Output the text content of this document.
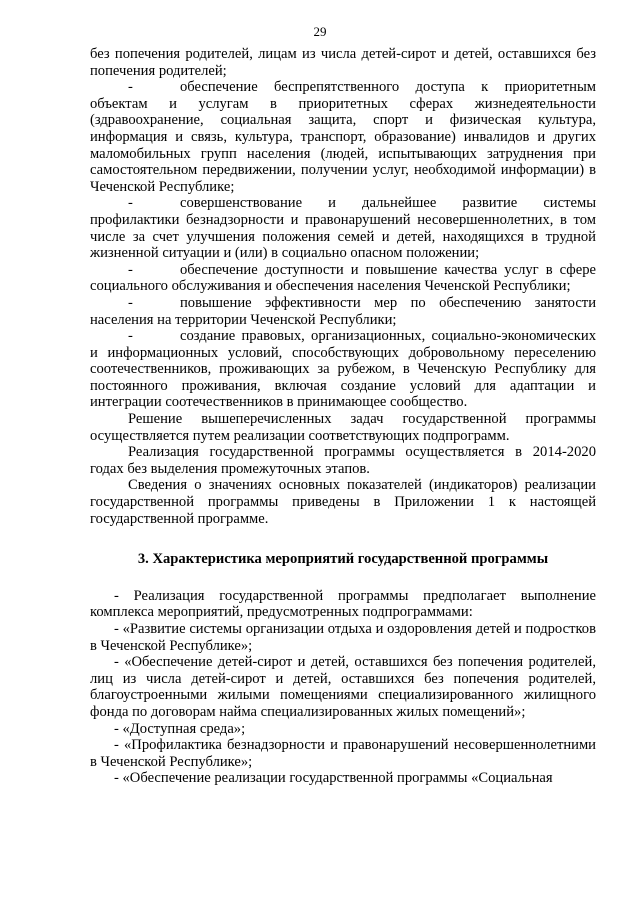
29

без попечения родителей, лицам из числа детей-сирот и детей, оставшихся без попечения родителей;

-	обеспечение беспрепятственного доступа к приоритетным объектам и услугам в приоритетных сферах жизнедеятельности (здравоохранение, социальная защита, спорт и физическая культура, информация и связь, культура, транспорт, образование) инвалидов и других маломобильных групп населения (людей, испытывающих затруднения при самостоятельном передвижении, получении услуг, необходимой информации) в Чеченской Республике;

-	совершенствование и дальнейшее развитие системы профилактики безнадзорности и правонарушений несовершеннолетних, в том числе за счет улучшения положения семей и детей, находящихся в трудной жизненной ситуации и (или) в социально опасном положении;

-	обеспечение доступности и повышение качества услуг в сфере социального обслуживания и обеспечения населения Чеченской Республики;

-	повышение эффективности мер по обеспечению занятости населения на территории Чеченской Республики;

-	создание правовых, организационных, социально-экономических и информационных условий, способствующих добровольному переселению соотечественников, проживающих за рубежом, в Чеченскую Республику для постоянного проживания, включая создание условий для адаптации и интеграции соотечественников в принимающее сообщество.

Решение вышеперечисленных задач государственной программы осуществляется путем реализации соответствующих подпрограмм.

Реализация государственной программы осуществляется в 2014-2020 годах без выделения промежуточных этапов.

Сведения о значениях основных показателей (индикаторов) реализации государственной программы приведены в Приложении 1 к настоящей государственной программе.

3. Характеристика мероприятий государственной программы

- Реализация государственной программы предполагает выполнение комплекса мероприятий, предусмотренных подпрограммами:

- «Развитие системы организации отдыха и оздоровления детей и подростков в Чеченской Республике»;

- «Обеспечение детей-сирот и детей, оставшихся без попечения родителей, лиц из числа детей-сирот и детей, оставшихся без попечения родителей, благоустроенными жилыми помещениями специализированного жилищного фонда по договорам найма специализированных жилых помещений»;

- «Доступная среда»;

- «Профилактика безнадзорности и правонарушений несовершеннолетними в Чеченской Республике»;

- «Обеспечение реализации государственной программы «Социальная
